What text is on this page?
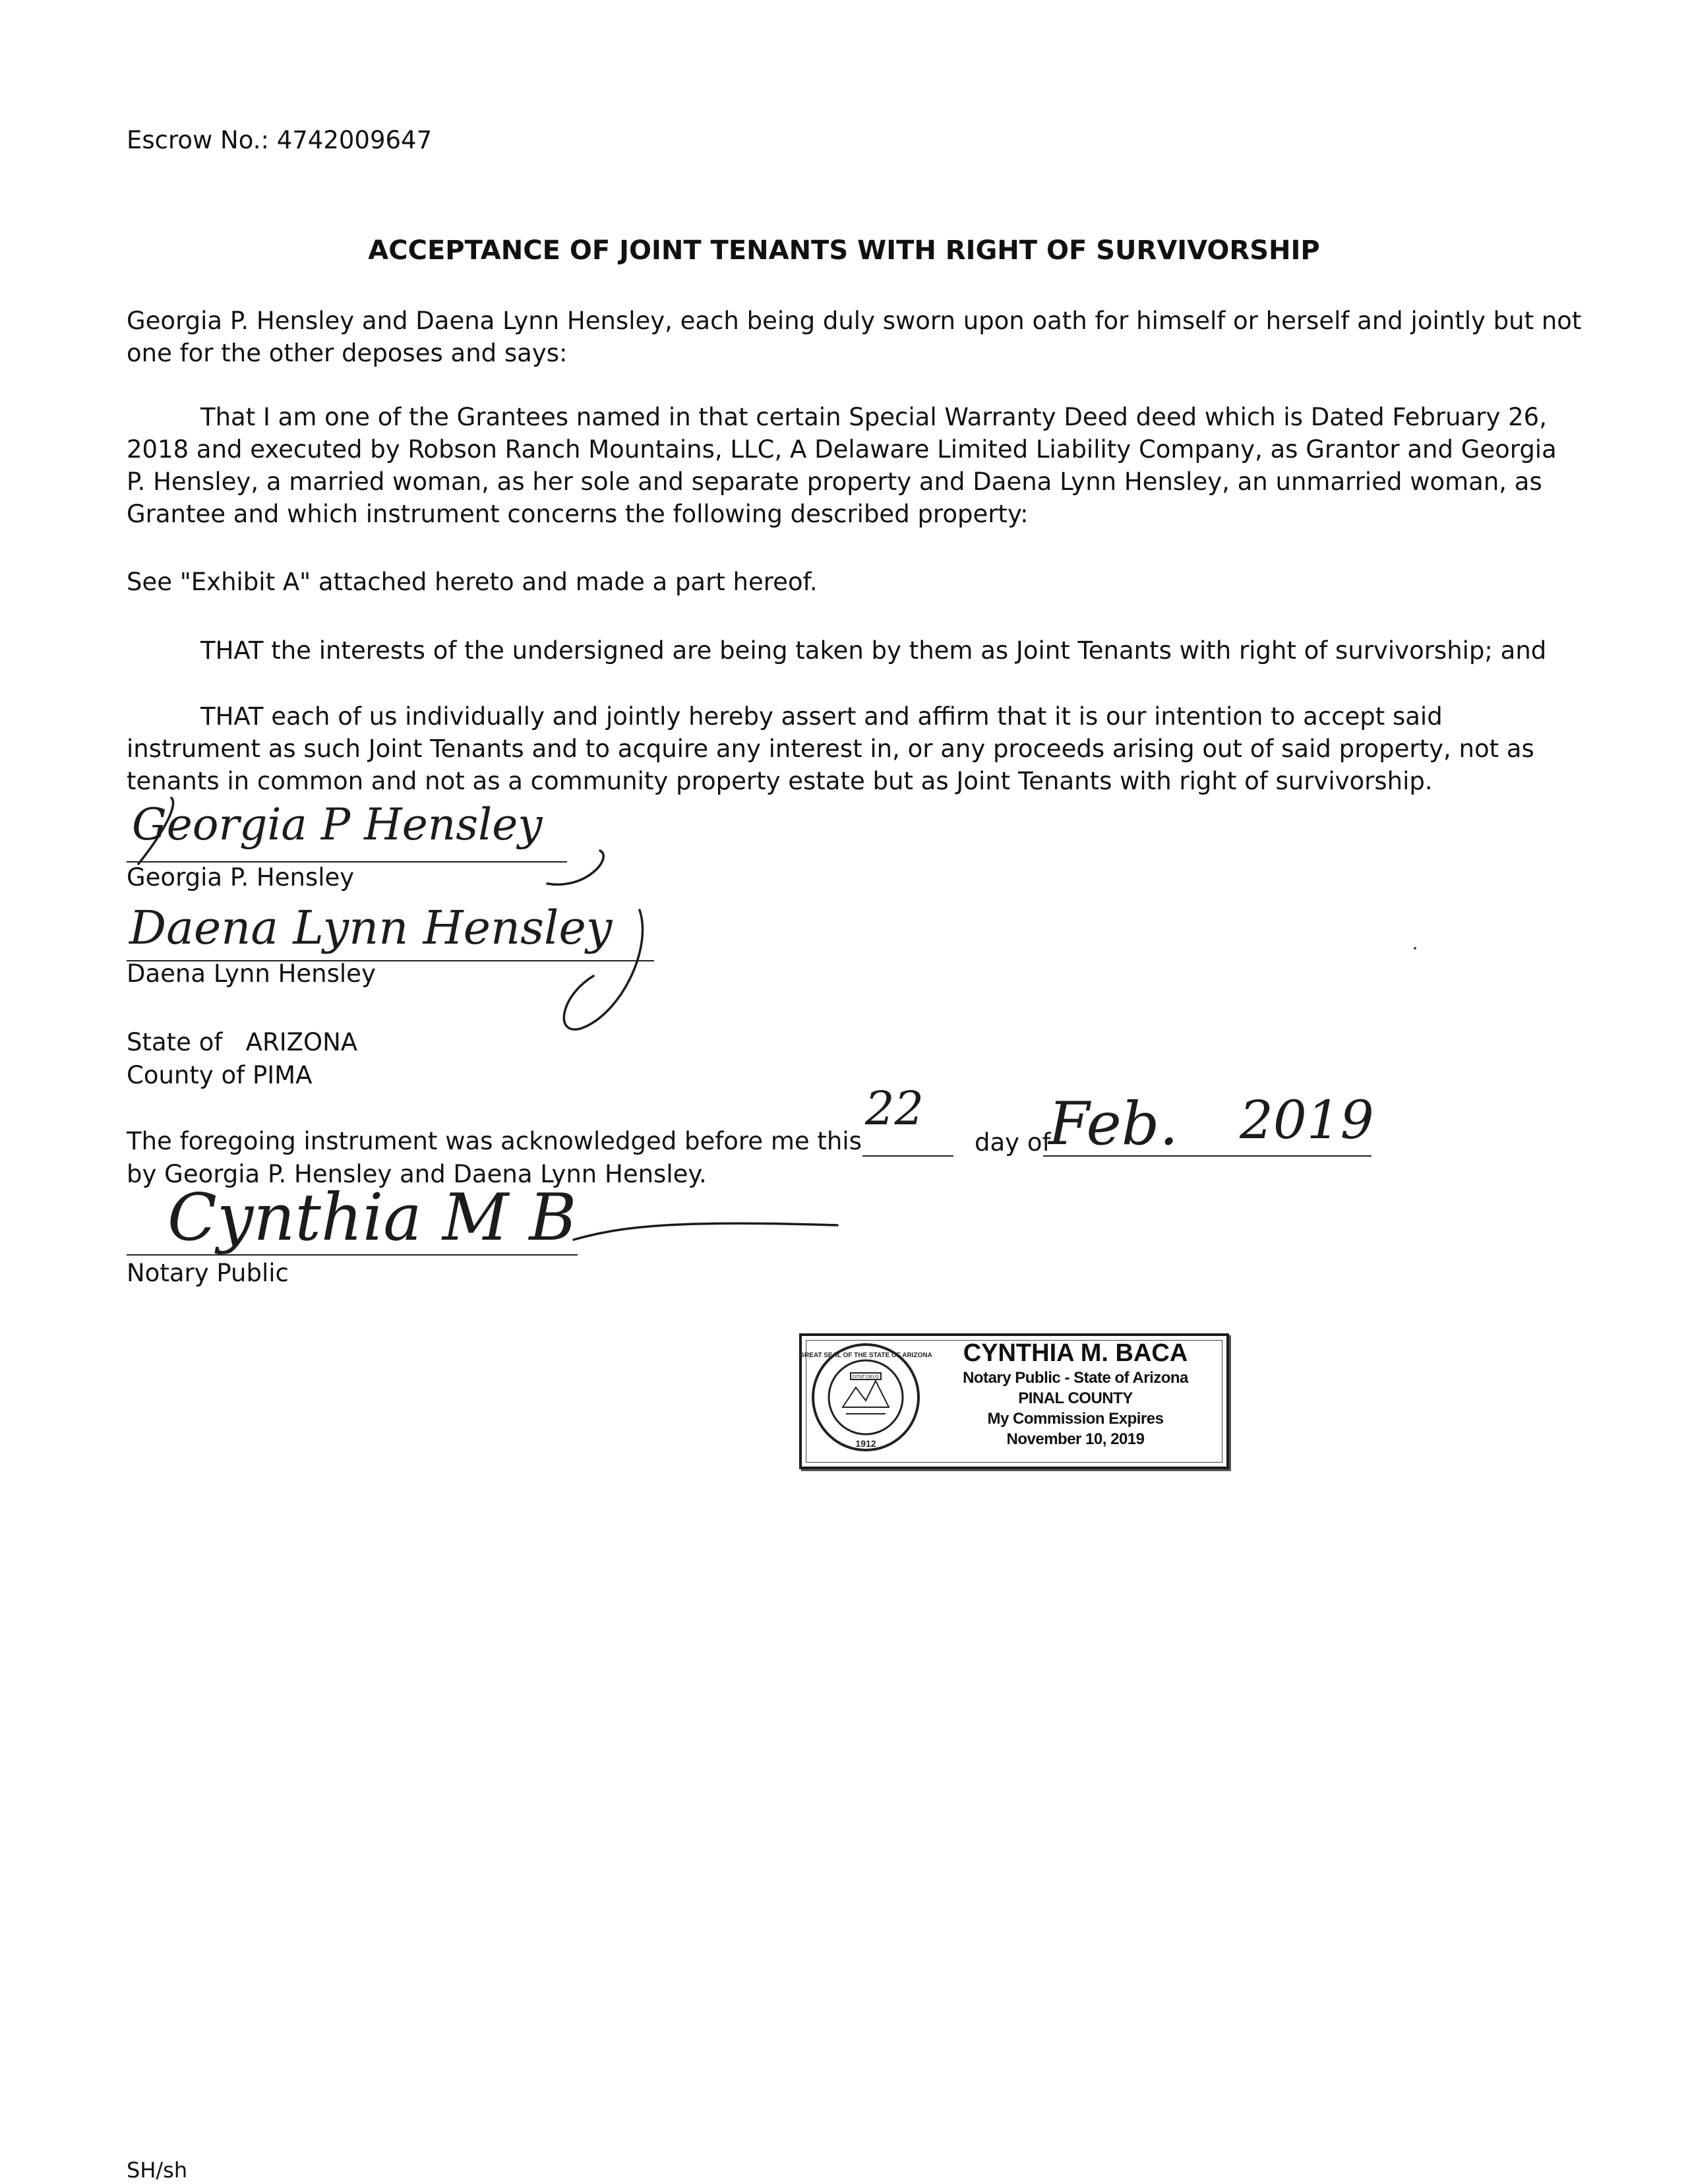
Escrow No.: 4742009647
ACCEPTANCE OF JOINT TENANTS WITH RIGHT OF SURVIVORSHIP
Georgia P. Hensley and Daena Lynn Hensley, each being duly sworn upon oath for himself or herself and jointly but not one for the other deposes and says:
That I am one of the Grantees named in that certain Special Warranty Deed deed which is Dated February 26, 2018 and executed by Robson Ranch Mountains, LLC, A Delaware Limited Liability Company, as Grantor and Georgia P. Hensley, a married woman, as her sole and separate property and Daena Lynn Hensley, an unmarried woman, as Grantee and which instrument concerns the following described property:
See "Exhibit A" attached hereto and made a part hereof.
THAT the interests of the undersigned are being taken by them as Joint Tenants with right of survivorship; and
THAT each of us individually and jointly hereby assert and affirm that it is our intention to accept said instrument as such Joint Tenants and to acquire any interest in, or any proceeds arising out of said property, not as tenants in common and not as a community property estate but as Joint Tenants with right of survivorship.
Georgia P Hensley
Georgia P. Hensley
Daena Lynn Hensley
Daena Lynn Hensley
State of ARIZONA
County of PIMA
The foregoing instrument was acknowledged before me this
22
day of
Feb. 2019
by Georgia P. Hensley and Daena Lynn Hensley.
Cynthia M B
Notary Public
DITAT DEUS
1912
GREAT SEAL OF THE STATE OF ARIZONA	CYNTHIA M. BACA
Notary Public - State of Arizona
PINAL COUNTY
My Commission Expires
November 10, 2019
SH/sh
